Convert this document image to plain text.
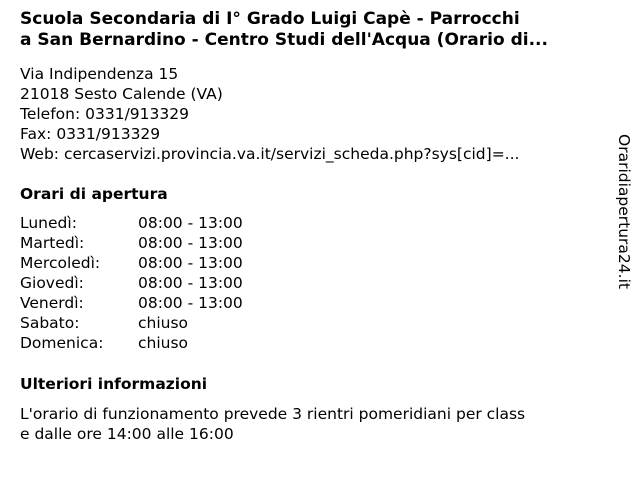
Scuola Secondaria di I° Grado Luigi Capè - Parrocchi
a San Bernardino - Centro Studi dell'Acqua (Orario di...
Via Indipendenza 15
21018 Sesto Calende (VA)
Telefon: 0331/913329
Fax: 0331/913329
Web: cercaservizi.provincia.va.it/servizi_scheda.php?sys[cid]=...
Orari di apertura
Lunedì:	08:00 - 13:00
Martedì:	08:00 - 13:00
Mercoledì: 08:00 - 13:00
Giovedì:	08:00 - 13:00
Venerdì:	08:00 - 13:00
Sabato:	chiuso
Domenica: chiuso
Ulteriori informazioni
L'orario di funzionamento prevede 3 rientri pomeridiani per class
e dalle ore 14:00 alle 16:00
Oraridiapertura24.it
